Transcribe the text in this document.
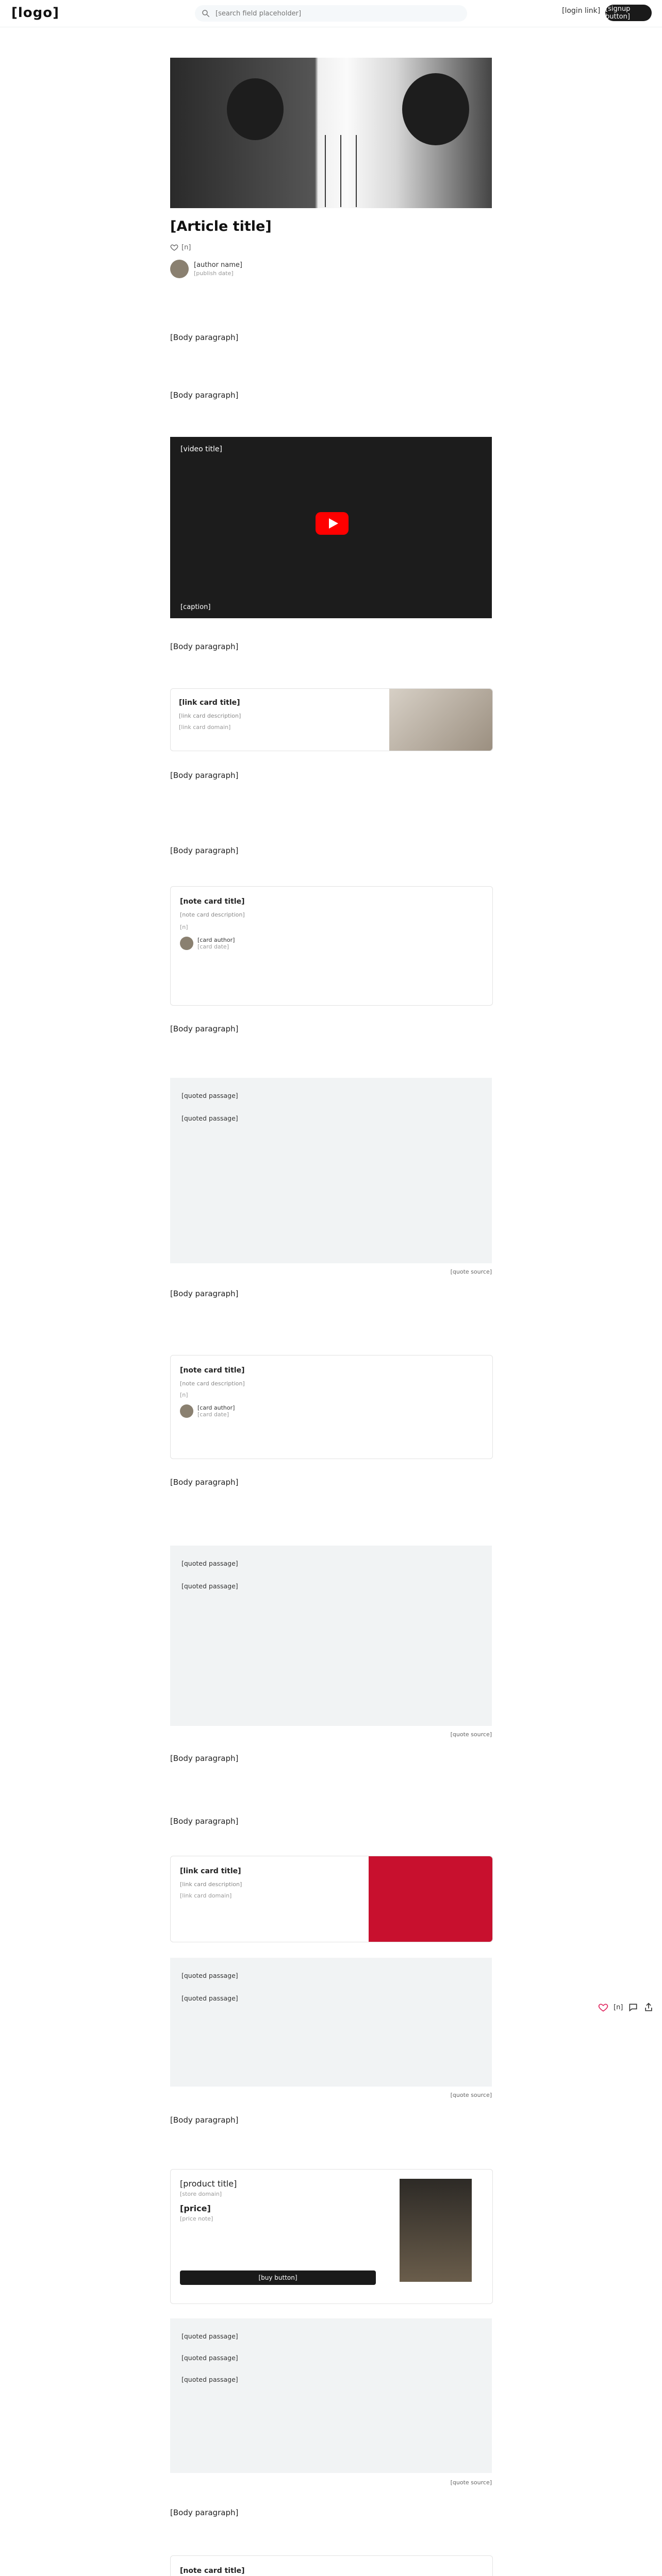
[logo]
[search field placeholder]	[login link] [signup button]
[Article title]
[n]
[author name]
[publish date]

[Body paragraph]

[Body paragraph]

[video title]
[caption]

[Body paragraph]

[link card title]
[link card description]
[link card domain]

[Body paragraph]

[Body paragraph]

[note card title]
[note card description]
[n]
[card author]
[card date]

[Body paragraph]

[quoted passage]

[quoted passage]

[quote source]

[Body paragraph]

[note card title]
[note card description]
[n]
[card author]
[card date]

[Body paragraph]

[quoted passage]

[quoted passage]

[quote source]

[Body paragraph]

[Body paragraph]

[link card title]
[link card description]
[link card domain]

[quoted passage]

[quoted passage]

[quote source]
[n]

[Body paragraph]

[product title]
[store domain]
[price]
[price note]
[buy button]

[quoted passage]

[quoted passage]

[quoted passage]

[quote source]

[Body paragraph]

[note card title]
